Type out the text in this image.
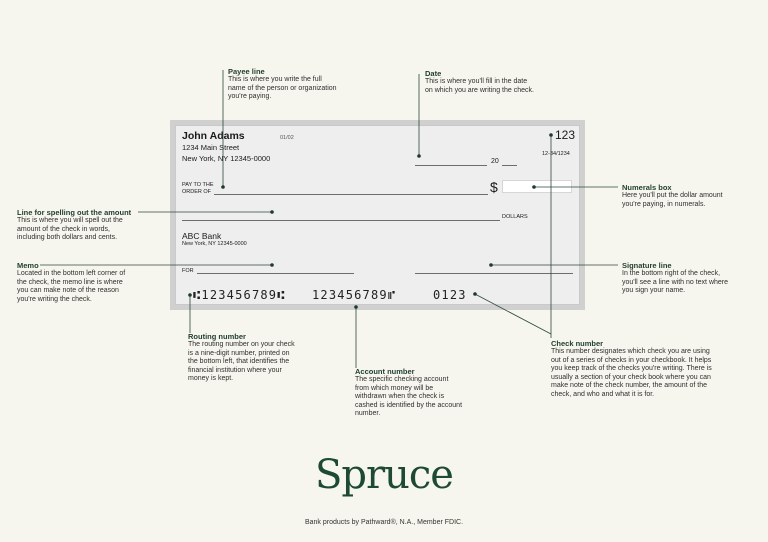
John Adams	01/02
1234 Main Street
New York, NY 12345-0000
123
12-34/1234
20
PAY TO THE
ORDER OF	$
DOLLARS
ABC Bank
New York, NY 12345-0000
FOR
⑆123456789⑆ 123456789⑈	0123
Payee line
This is where you write the full
name of the person or organization
you're paying.
Date
This is where you'll fill in the date
on which you are writing the check.
Line for spelling out the amount
This is where you will spell out the
amount of the check in words,
including both dollars and cents.
Numerals box
Here you'll put the dollar amount
you're paying, in numerals.
Memo
Located in the bottom left corner of
the check, the memo line is where
you can make note of the reason
you're writing the check.
Signature line
In the bottom right of the check,
you'll see a line with no text where
you sign your name.
Routing number
The routing number on your check
is a nine-digit number, printed on
the bottom left, that identifies the
financial institution where your
money is kept.
Account number
The specific checking account
from which money will be
withdrawn when the check is
cashed is identified by the account
number.
Check number
This number designates which check you are using
out of a series of checks in your checkbook. It helps
you keep track of the checks you're writing. There is
usually a section of your check book where you can
make note of the check number, the amount of the
check, and who and what it is for.
Spruce
Bank products by Pathward®, N.A., Member FDIC.
